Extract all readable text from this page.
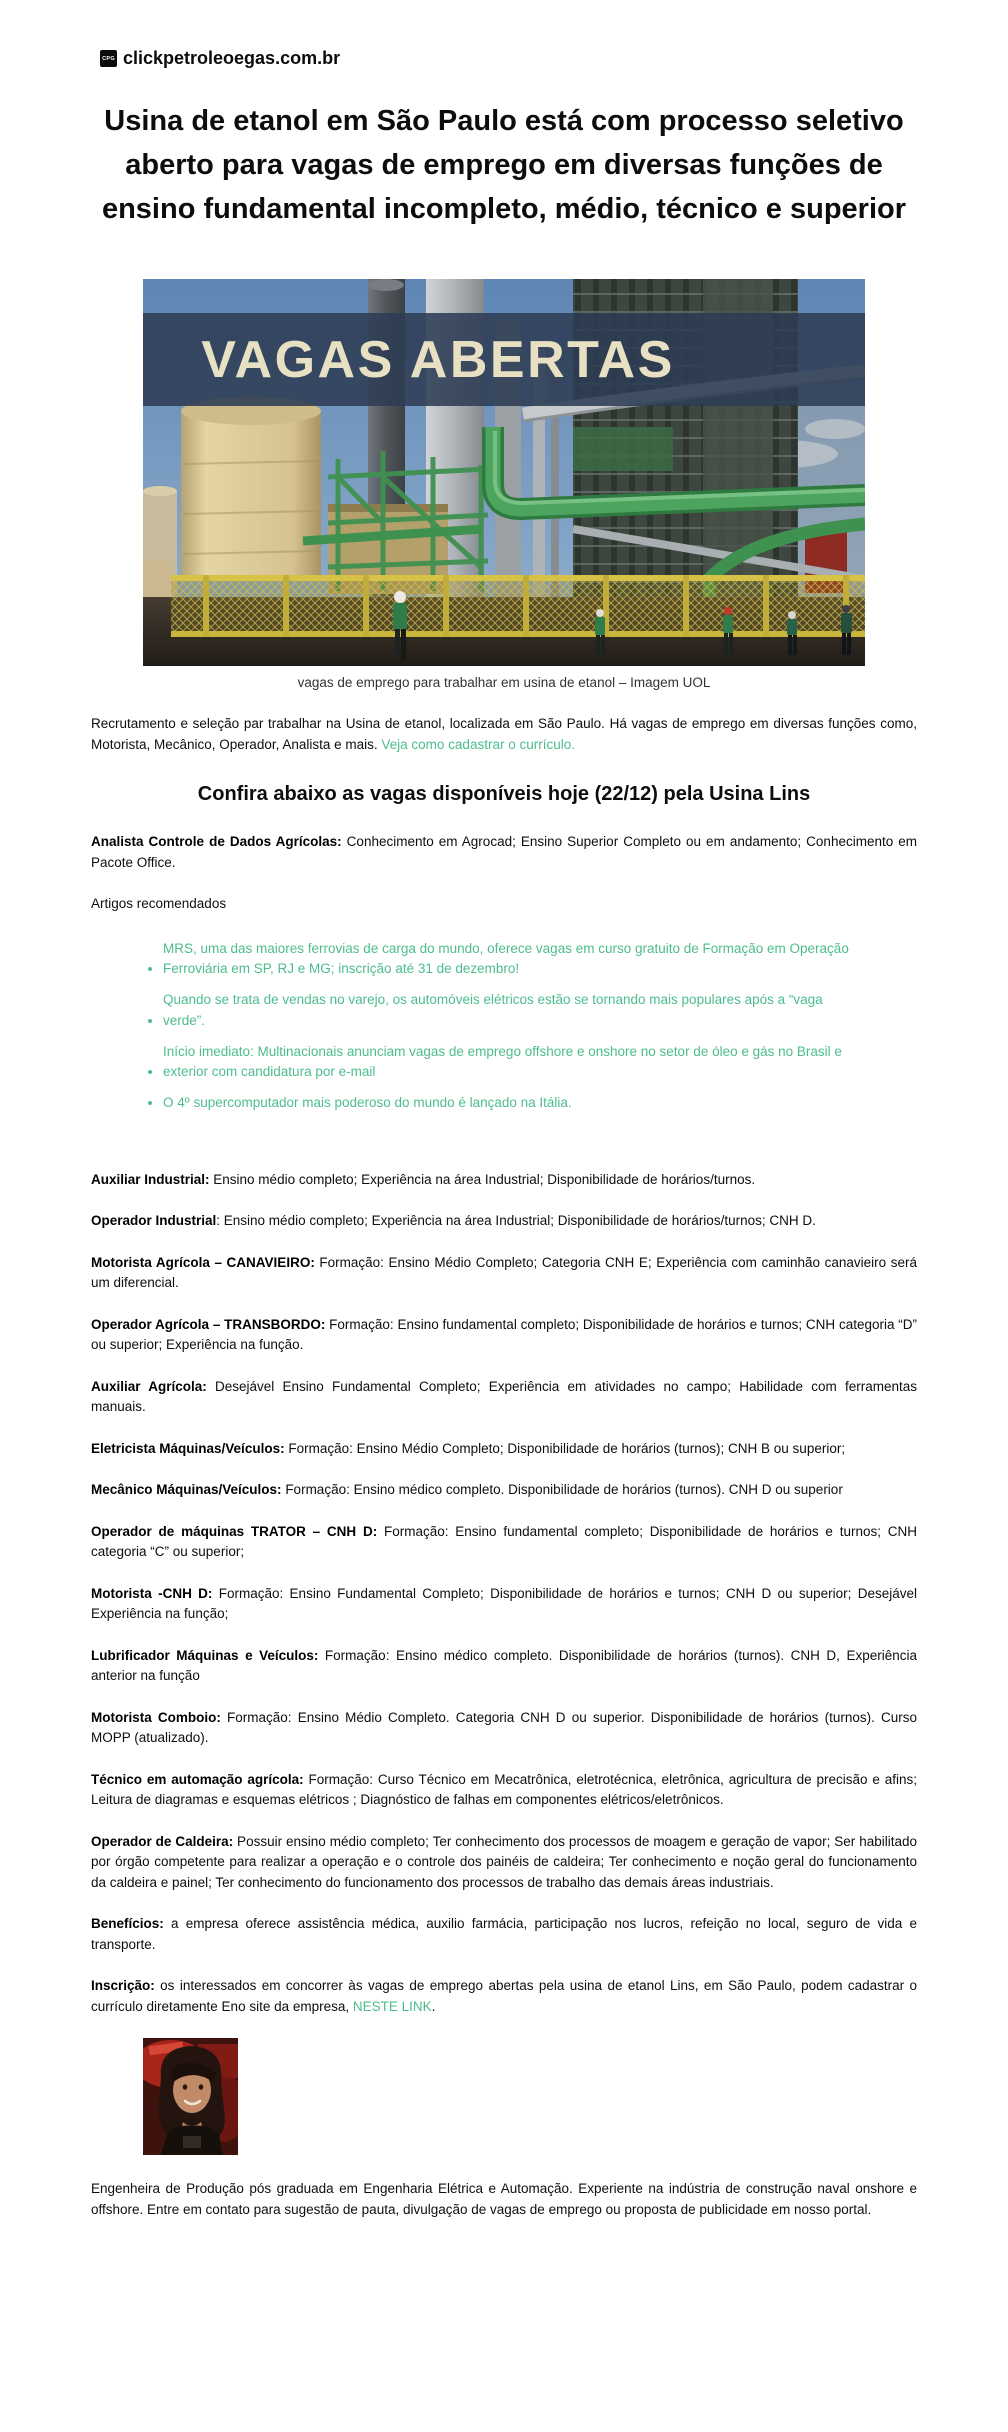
CPG clickpetroleoegas.com.br
Usina de etanol em São Paulo está com processo seletivo aberto para vagas de emprego em diversas funções de ensino fundamental incompleto, médio, técnico e superior
VAGAS ABERTAS
vagas de emprego para trabalhar em usina de etanol – Imagem UOL

Recrutamento e seleção par trabalhar na Usina de etanol, localizada em São Paulo. Há vagas de emprego em diversas funções como, Motorista, Mecânico, Operador, Analista e mais. Veja como cadastrar o currículo.

Confira abaixo as vagas disponíveis hoje (22/12) pela Usina Lins

Analista Controle de Dados Agrícolas: Conhecimento em Agrocad; Ensino Superior Completo ou em andamento; Conhecimento em Pacote Office.

Artigos recomendados

• MRS, uma das maiores ferrovias de carga do mundo, oferece vagas em curso gratuito de Formação em Operação Ferroviária em SP, RJ e MG; inscrição até 31 de dezembro!
• Quando se trata de vendas no varejo, os automóveis elétricos estão se tornando mais populares após a “vaga verde”.
• Início imediato: Multinacionais anunciam vagas de emprego offshore e onshore no setor de óleo e gás no Brasil e exterior com candidatura por e-mail
• O 4º supercomputador mais poderoso do mundo é lançado na Itália.

Auxiliar Industrial: Ensino médio completo; Experiência na área Industrial; Disponibilidade de horários/turnos.

Operador Industrial: Ensino médio completo; Experiência na área Industrial; Disponibilidade de horários/turnos; CNH D.

Motorista Agrícola – CANAVIEIRO: Formação: Ensino Médio Completo; Categoria CNH E; Experiência com caminhão canavieiro será um diferencial.

Operador Agrícola – TRANSBORDO: Formação: Ensino fundamental completo; Disponibilidade de horários e turnos; CNH categoria “D” ou superior; Experiência na função.

Auxiliar Agrícola: Desejável Ensino Fundamental Completo; Experiência em atividades no campo; Habilidade com ferramentas manuais.

Eletricista Máquinas/Veículos: Formação: Ensino Médio Completo; Disponibilidade de horários (turnos); CNH B ou superior;

Mecânico Máquinas/Veículos: Formação: Ensino médico completo. Disponibilidade de horários (turnos). CNH D ou superior

Operador de máquinas TRATOR – CNH D: Formação: Ensino fundamental completo; Disponibilidade de horários e turnos; CNH categoria “C” ou superior;

Motorista -CNH D: Formação: Ensino Fundamental Completo; Disponibilidade de horários e turnos; CNH D ou superior; Desejável Experiência na função;

Lubrificador Máquinas e Veículos: Formação: Ensino médico completo. Disponibilidade de horários (turnos). CNH D, Experiência anterior na função

Motorista Comboio: Formação: Ensino Médio Completo. Categoria CNH D ou superior. Disponibilidade de horários (turnos). Curso MOPP (atualizado).

Técnico em automação agrícola: Formação: Curso Técnico em Mecatrônica, eletrotécnica, eletrônica, agricultura de precisão e afins; Leitura de diagramas e esquemas elétricos ; Diagnóstico de falhas em componentes elétricos/eletrônicos.

Operador de Caldeira: Possuir ensino médio completo; Ter conhecimento dos processos de moagem e geração de vapor; Ser habilitado por órgão competente para realizar a operação e o controle dos painéis de caldeira; Ter conhecimento e noção geral do funcionamento da caldeira e painel; Ter conhecimento do funcionamento dos processos de trabalho das demais áreas industriais.

Benefícios: a empresa oferece assistência médica, auxilio farmácia, participação nos lucros, refeição no local, seguro de vida e transporte.

Inscrição: os interessados em concorrer às vagas de emprego abertas pela usina de etanol Lins, em São Paulo, podem cadastrar o currículo diretamente Eno site da empresa, NESTE LINK.

Engenheira de Produção pós graduada em Engenharia Elétrica e Automação. Experiente na indústria de construção naval onshore e offshore. Entre em contato para sugestão de pauta, divulgação de vagas de emprego ou proposta de publicidade em nosso portal.
